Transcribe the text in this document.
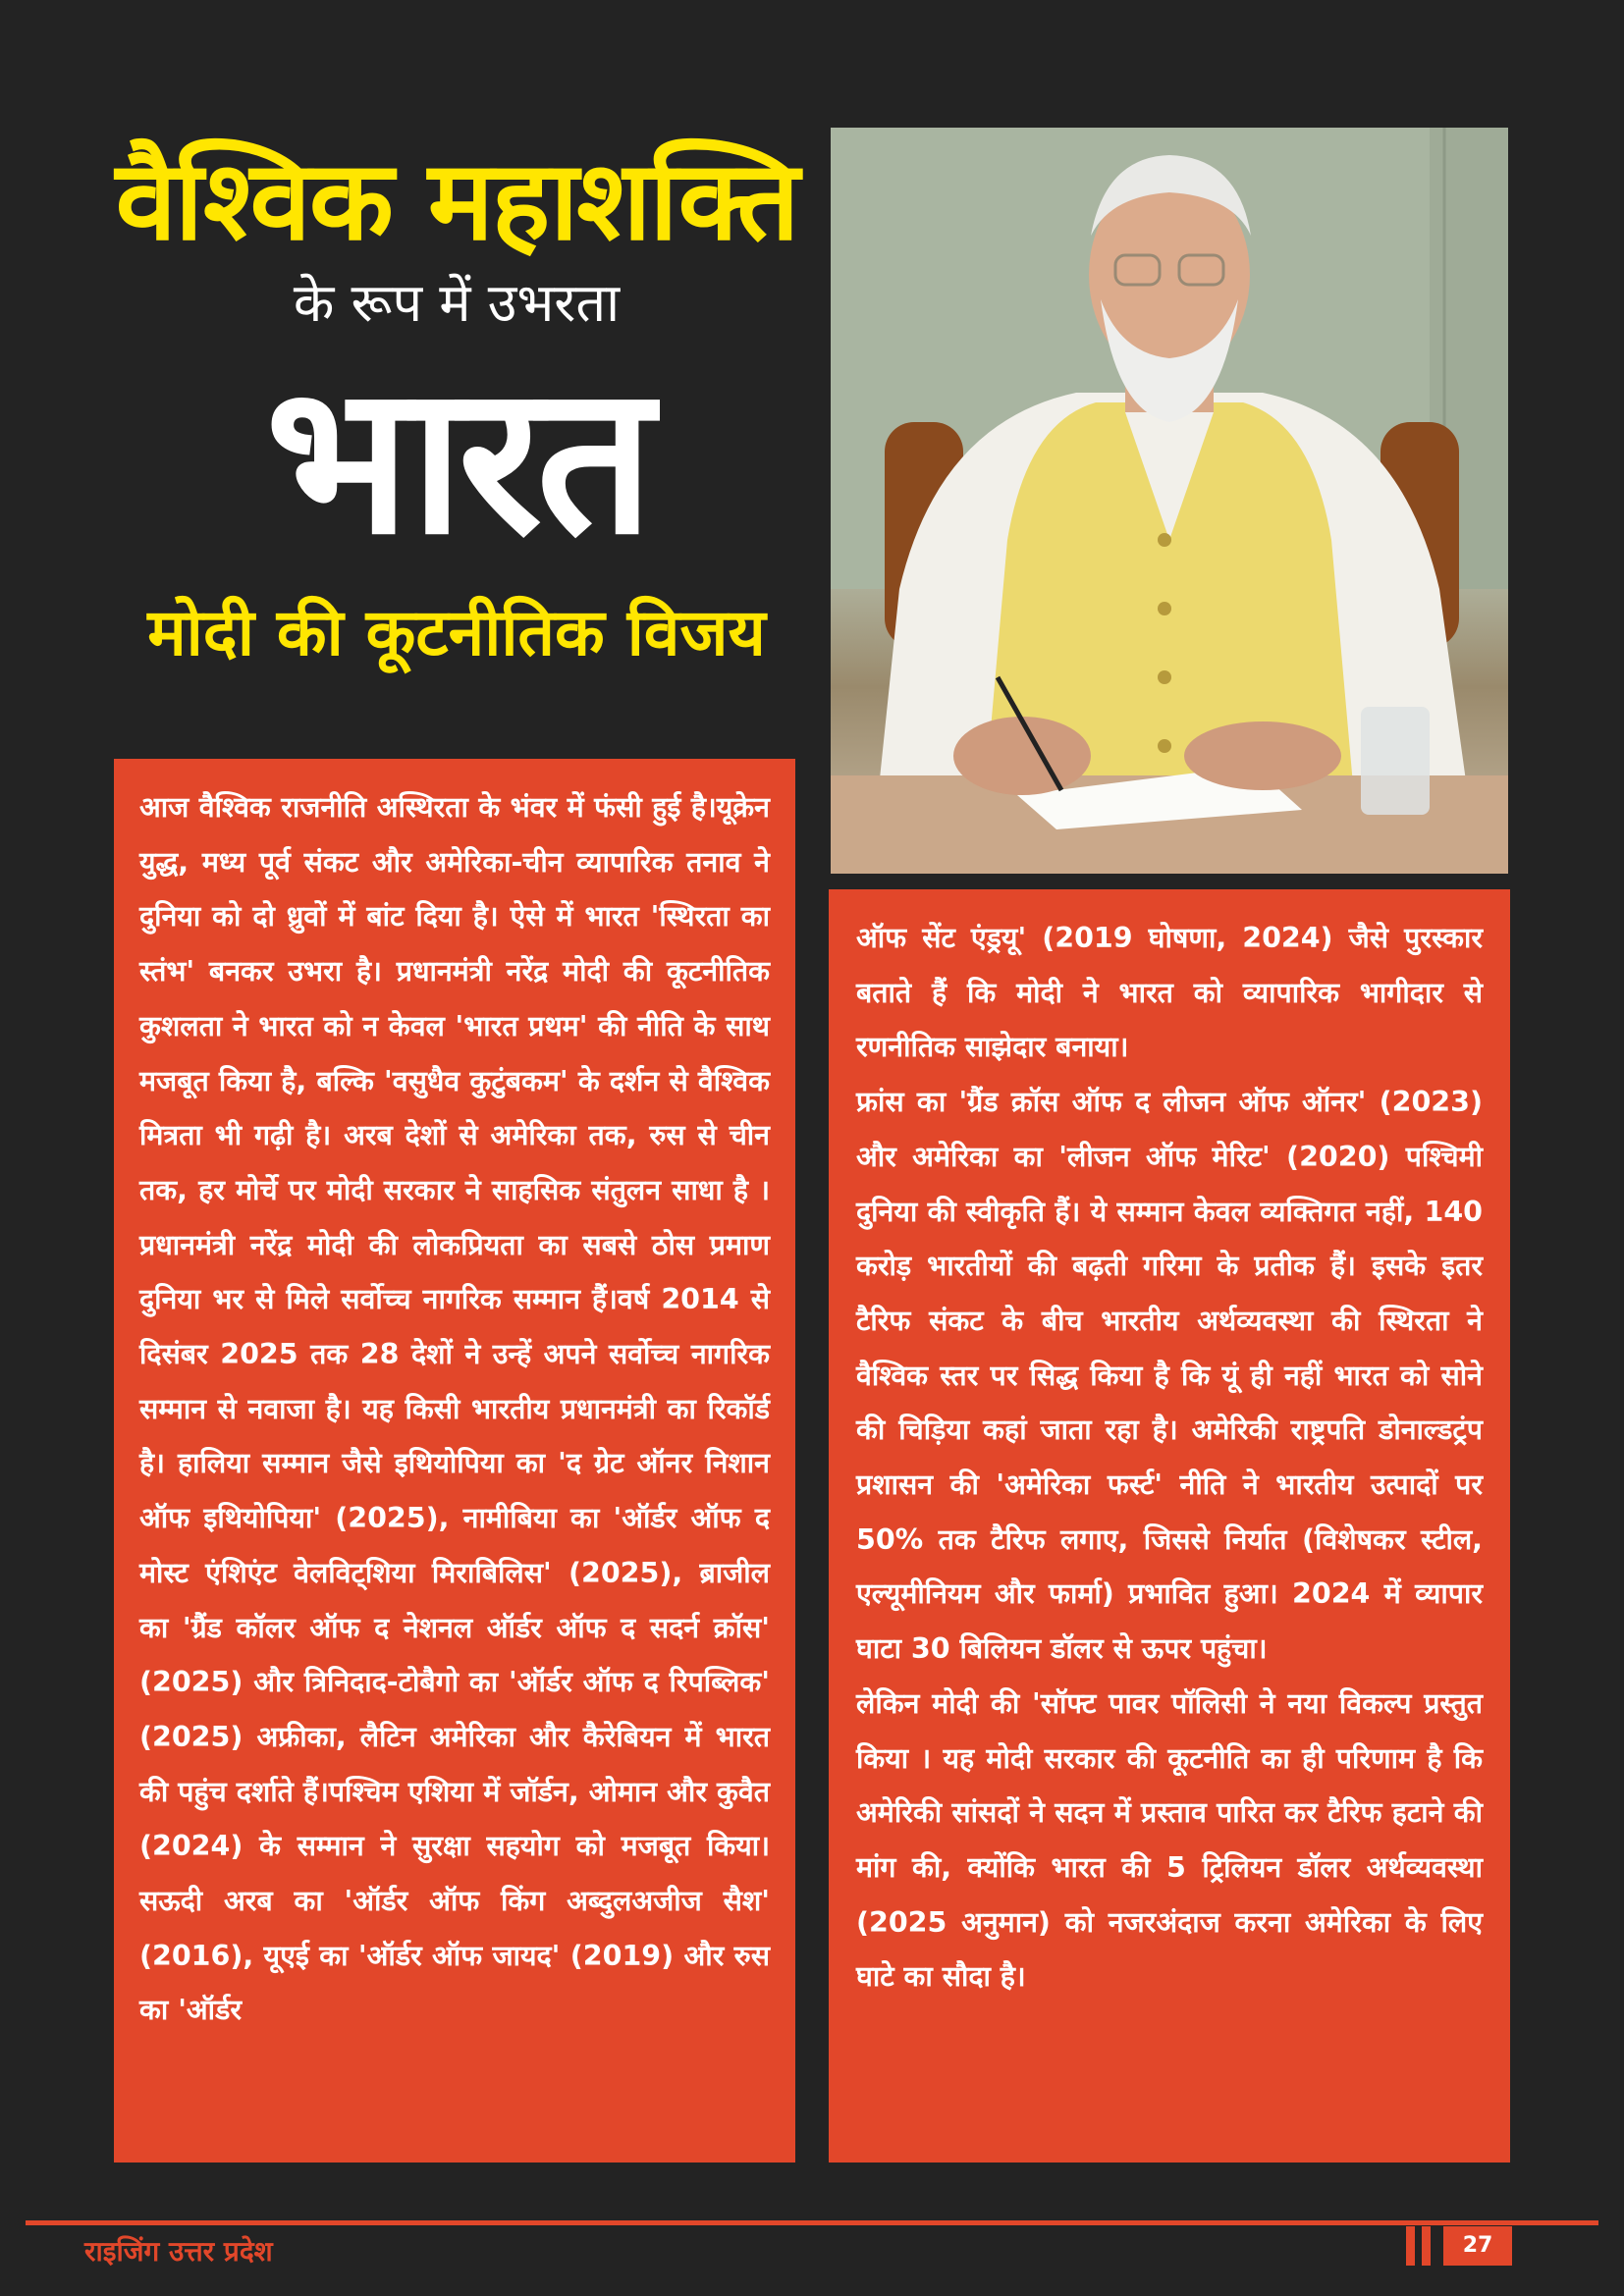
वैश्विक महाशक्ति
के रूप में उभरता
भारत
मोदी की कूटनीतिक विजय

आज वैश्विक राजनीति अस्थिरता के भंवर में फंसी हुई है।यूक्रेन युद्ध, मध्य पूर्व संकट और अमेरिका-चीन व्यापारिक तनाव ने दुनिया को दो ध्रुवों में बांट दिया है। ऐसे में भारत 'स्थिरता का स्तंभ' बनकर उभरा है। प्रधानमंत्री नरेंद्र मोदी की कूटनीतिक कुशलता ने भारत को न केवल 'भारत प्रथम' की नीति के साथ मजबूत किया है, बल्कि 'वसुधैव कुटुंबकम' के दर्शन से वैश्विक मित्रता भी गढ़ी है। अरब देशों से अमेरिका तक, रुस से चीन तक, हर मोर्चे पर मोदी सरकार ने साहसिक संतुलन साधा है । प्रधानमंत्री नरेंद्र मोदी की लोकप्रियता का सबसे ठोस प्रमाण दुनिया भर से मिले सर्वोच्च नागरिक सम्मान हैं।वर्ष 2014 से दिसंबर 2025 तक 28 देशों ने उन्हें अपने सर्वोच्च नागरिक सम्मान से नवाजा है। यह किसी भारतीय प्रधानमंत्री का रिकॉर्ड है। हालिया सम्मान जैसे इथियोपिया का 'द ग्रेट ऑनर निशान ऑफ इथियोपिया' (2025), नामीबिया का 'ऑर्डर ऑफ द मोस्ट एंशिएंट वेलविट्शिया मिराबिलिस' (2025), ब्राजील का 'ग्रैंड कॉलर ऑफ द नेशनल ऑर्डर ऑफ द सदर्न क्रॉस' (2025) और त्रिनिदाद-टोबैगो का 'ऑर्डर ऑफ द रिपब्लिक' (2025) अफ्रीका, लैटिन अमेरिका और कैरेबियन में भारत की पहुंच दर्शाते हैं।पश्चिम एशिया में जॉर्डन, ओमान और कुवैत (2024) के सम्मान ने सुरक्षा सहयोग को मजबूत किया। सऊदी अरब का 'ऑर्डर ऑफ किंग अब्दुलअजीज सैश' (2016), यूएई का 'ऑर्डर ऑफ जायद' (2019) और रुस का 'ऑर्डर

ऑफ सेंट एंड्रयू' (2019 घोषणा, 2024) जैसे पुरस्कार बताते हैं कि मोदी ने भारत को व्यापारिक भागीदार से रणनीतिक साझेदार बनाया।

फ्रांस का 'ग्रैंड क्रॉस ऑफ द लीजन ऑफ ऑनर' (2023) और अमेरिका का 'लीजन ऑफ मेरिट' (2020) पश्चिमी दुनिया की स्वीकृति हैं। ये सम्मान केवल व्यक्तिगत नहीं, 140 करोड़ भारतीयों की बढ़ती गरिमा के प्रतीक हैं। इसके इतर टैरिफ संकट के बीच भारतीय अर्थव्यवस्था की स्थिरता ने वैश्विक स्तर पर सिद्ध किया है कि यूं ही नहीं भारत को सोने की चिड़िया कहां जाता रहा है। अमेरिकी राष्ट्रपति डोनाल्डट्रंप प्रशासन की 'अमेरिका फर्स्ट' नीति ने भारतीय उत्पादों पर 50% तक टैरिफ लगाए, जिससे निर्यात (विशेषकर स्टील, एल्यूमीनियम और फार्मा) प्रभावित हुआ। 2024 में व्यापार घाटा 30 बिलियन डॉलर से ऊपर पहुंचा।

लेकिन मोदी की 'सॉफ्ट पावर पॉलिसी ने नया विकल्प प्रस्तुत किया । यह मोदी सरकार की कूटनीति का ही परिणाम है कि अमेरिकी सांसदों ने सदन में प्रस्ताव पारित कर टैरिफ हटाने की मांग की, क्योंकि भारत की 5 ट्रिलियन डॉलर अर्थव्यवस्था (2025 अनुमान) को नजरअंदाज करना अमेरिका के लिए घाटे का सौदा है।

राइजिंग उत्तर प्रदेश	27
